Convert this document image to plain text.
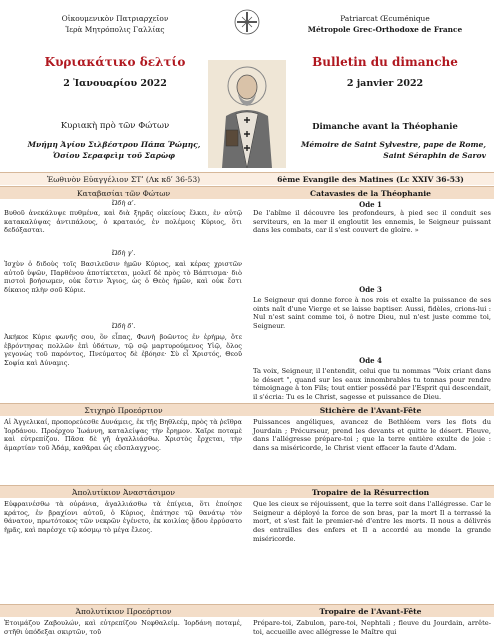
Οἰκουμενικὸν Πατριαρχεῖον
Ἱερὰ Μητρόπολις Γαλλίας
Patriarcat Œcuménique
Métropole Grec-Orthodoxe de France
Κυριακάτικο δελτίο	Bulletin du dimanche
2 Ἰανουαρίου 2022	2 janvier 2022
Κυριακὴ πρὸ τῶν Φώτων	Dimanche avant la Théophanie
Μνήμη Ἁγίου Σιλβέστρου Πάπα Ῥώμης,
Ὁσίου Σεραφεὶμ τοῦ Σαρὼφ
Mémoire de Saint Sylvestre, pape de Rome,
Saint Séraphin de Sarov
Ἑωθινὸν Εὐαγγέλιον ΣΤʹ (Λκ κδʹ 36-53)	6ème Evangile des Matines (Lc XXIV 36-53)
Καταβασίαι τῶν Φώτων	Catavasies de la Théophanie
Ὠδὴ αʹ.	Ode 1
Βυθοῦ ἀνεκάλυψε πυθμένα, καὶ διὰ ξηρᾶς οἰκείους ἕλκει, ἐν αὐτῷ κατακαλύψας ἀντιπάλους, ὁ κραταιός, ἐν πολέμοις Κύριος, ὅτι δεδόξασται.
De l'abîme il découvre les profondeurs, à pied sec il conduit ses serviteurs, en la mer il engloutit les ennemis, le Seigneur puissant dans les combats, car il s'est couvert de gloire. »
Ὠδὴ γʹ.
Ode 3
Ἰσχὺν ὁ διδοὺς τοῖς Βασιλεῦσιν ἡμῶν Κύριος, καὶ κέρας χριστῶν αὐτοῦ ὑψῶν, Παρθένου ἀποτίκτεται, μολεῖ δὲ πρὸς τὸ Βάπτισμα· διὸ πιστοὶ βοήσωμεν, οὐκ ἔστιν Ἅγιος, ὡς ὁ Θεὸς ἡμῶν, καὶ οὐκ ἔστι δίκαιος πλὴν σοῦ Κύριε.
Le Seigneur qui donne force à nos rois et exalte la puissance de ses oints naît d'une Vierge et se laisse baptiser. Aussi, fidèles, crions-lui : Nul n'est saint comme toi, ô notre Dieu, nul n'est juste comme toi, Seigneur.
Ὠδὴ δʹ.
Ode 4
Ἀκήκοε Κύριε φωνῆς σου, ὃν εἶπας, Φωνὴ βοῶντος ἐν ἐρήμῳ, ὅτε ἐβρόντησας πολλῶν ἐπὶ ὑδάτων, τῷ σῷ μαρτυρούμενος Υἱῷ, ὅλος γεγονὼς τοῦ παρόντος, Πνεύματος δὲ ἐβόησε· Σὺ εἶ Χριστός, Θεοῦ Σοφία καὶ Δύναμις.
Ta voix, Seigneur, il l'entendit, celui que tu nommas "Voix criant dans le désert ", quand sur les eaux innombrables tu tonnas pour rendre témoignage à ton Fils; tout entier possédé par l'Esprit qui descendait, il s'écria: Tu es le Christ, sagesse et puissance de Dieu.
Στιχηρὸ Προεόρτιον	Stichère de l'Avant-Fête
Αἱ Ἀγγελικαί, προπορεύεσθε Δυνάμεις, ἐκ τῆς Βηθλεέμ, πρὸς τὰ ῥεῖθρα Ἰορδάνου. Προέρχου Ἰωάννη, καταλείψας τὴν ἔρημον. Χαῖρε ποταμὲ καὶ εὐτρεπίζου. Πᾶσα δὲ γῆ ἀγαλλιάσθω. Χριστὸς ἔρχεται, τὴν ἁμαρτίαν τοῦ Ἀδάμ, καθᾶραι ὡς εὔσπλαγχνος.
Puissances angéliques, avancez de Bethléem vers les flots du Jourdain ; Précurseur, prend les devants et quitte le désert. Fleuve, dans l'allégresse prépare-toi ; que la terre entière exulte de joie : dans sa miséricorde, le Christ vient effacer la faute d'Adam.
Ἀπολυτίκιον Ἀναστάσιμον	Tropaire de la Résurrection
Εὐφραινέσθω τὰ οὐράνια, ἀγαλλιάσθω τὰ ἐπίγεια, ὅτι ἐποίησε κράτος, ἐν βραχίονι αὐτοῦ, ὁ Κύριος, ἐπάτησε τῷ θανάτῳ τὸν θάνατον, πρωτότοκος τῶν νεκρῶν ἐγένετο, ἐκ κοιλίας ᾅδου ἐρρύσατο ἡμᾶς, καὶ παρέσχε τῷ κόσμῳ τὸ μέγα ἔλεος.
Que les cieux se réjouissent, que la terre soit dans l'allégresse. Car le Seigneur a déployé la force de son bras, par la mort Il a terrassé la mort, et s'est fait le premier-né d'entre les morts. Il nous a délivrés des entrailles des enfers et Il a accordé au monde la grande miséricorde.
Ἀπολυτίκιον Προεόρτιον	Tropaire de l'Avant-Fête
Ἑτοιμάζου Ζαβουλών, καὶ εὐτρεπίζου Νεφθαλείμ. Ἰορδάνη ποταμέ, στῆθι ὑπόδεξαι σκιρτῶν, τοῦ
Prépare-toi, Zabulon, pare-toi, Nephtali ; fleuve du Jourdain, arrête-toi, accueille avec allégresse le Maître qui
